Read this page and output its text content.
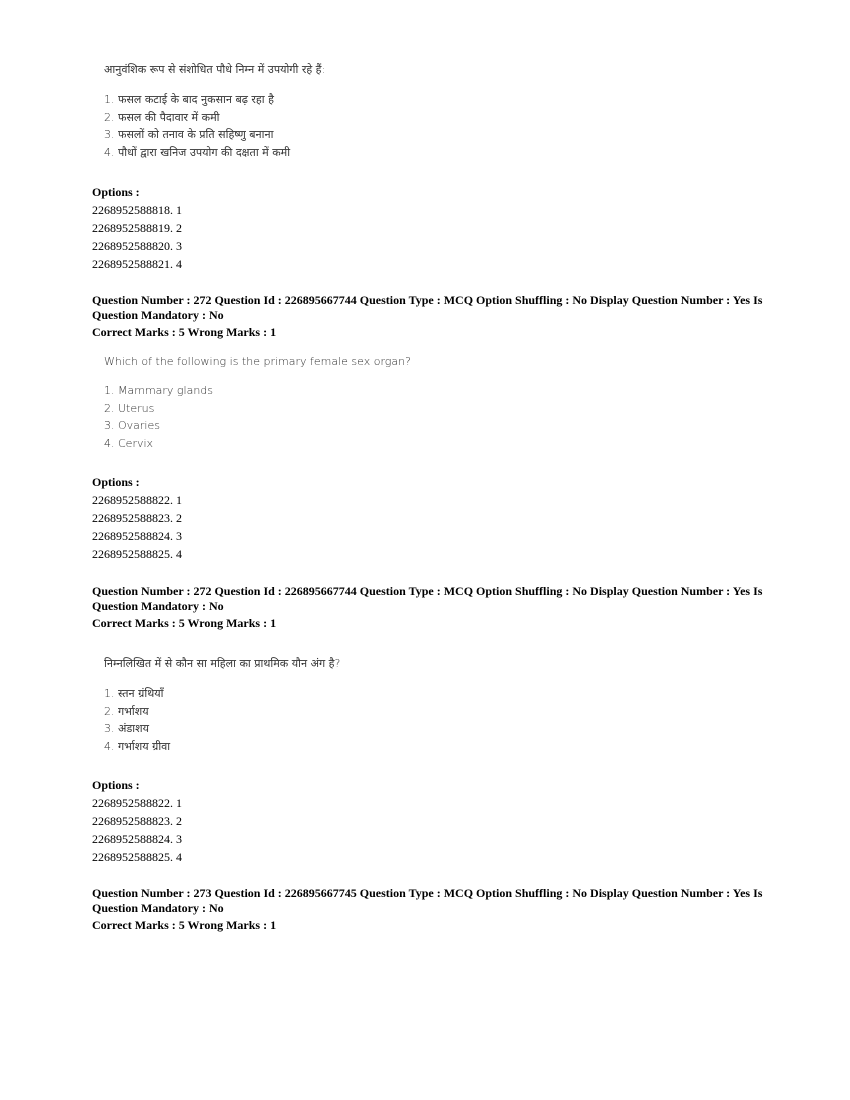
आनुवंशिक रूप से संशोधित पौधे निम्न में उपयोगी रहे हैं:
1. फसल कटाई के बाद नुकसान बढ़ रहा है
2. फसल की पैदावार में कमी
3. फसलों को तनाव के प्रति सहिष्णु बनाना
4. पौधों द्वारा खनिज उपयोग की दक्षता में कमी
Options :
2268952588818. 1
2268952588819. 2
2268952588820. 3
2268952588821. 4
Question Number : 272 Question Id : 226895667744 Question Type : MCQ Option Shuffling : No Display Question Number : Yes Is Question Mandatory : No
Correct Marks : 5 Wrong Marks : 1
Which of the following is the primary female sex organ?
1. Mammary glands
2. Uterus
3. Ovaries
4. Cervix
Options :
2268952588822. 1
2268952588823. 2
2268952588824. 3
2268952588825. 4
Question Number : 272 Question Id : 226895667744 Question Type : MCQ Option Shuffling : No Display Question Number : Yes Is Question Mandatory : No
Correct Marks : 5 Wrong Marks : 1
निम्नलिखित में से कौन सा महिला का प्राथमिक यौन अंग है?
1. स्तन ग्रंथियाँ
2. गर्भाशय
3. अंडाशय
4. गर्भाशय ग्रीवा
Options :
2268952588822. 1
2268952588823. 2
2268952588824. 3
2268952588825. 4
Question Number : 273 Question Id : 226895667745 Question Type : MCQ Option Shuffling : No Display Question Number : Yes Is Question Mandatory : No
Correct Marks : 5 Wrong Marks : 1
